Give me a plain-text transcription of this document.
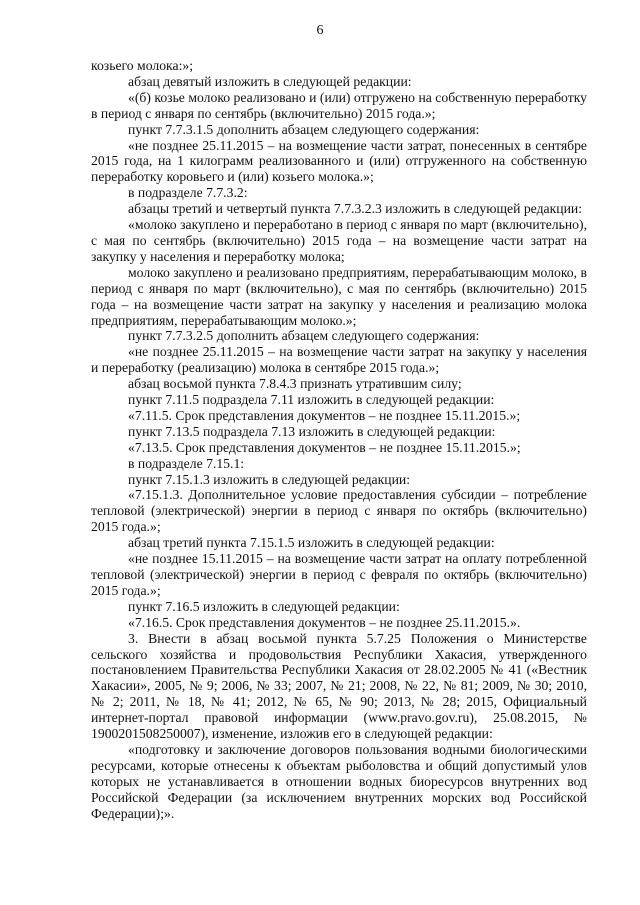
6

козьего молока:»;

абзац девятый изложить в следующей редакции:

«(б) козье молоко реализовано и (или) отгружено на собственную переработку в период с января по сентябрь (включительно) 2015 года.»;

пункт 7.7.3.1.5 дополнить абзацем следующего содержания:

«не позднее 25.11.2015 – на возмещение части затрат, понесенных в сентябре 2015 года, на 1 килограмм реализованного и (или) отгруженного на собственную переработку коровьего и (или) козьего молока.»;

в подразделе 7.7.3.2:

абзацы третий и четвертый пункта 7.7.3.2.3 изложить в следующей редакции:

«молоко закуплено и переработано в период с января по март (включительно), с мая по сентябрь (включительно) 2015 года – на возмещение части затрат на закупку у населения и переработку молока;

молоко закуплено и реализовано предприятиям, перерабатывающим молоко, в период с января по март (включительно), с мая по сентябрь (включительно) 2015 года – на возмещение части затрат на закупку у населения и реализацию молока предприятиям, перерабатывающим молоко.»;

пункт 7.7.3.2.5 дополнить абзацем следующего содержания:

«не позднее 25.11.2015 – на возмещение части затрат на закупку у населения и переработку (реализацию) молока в сентябре 2015 года.»;

абзац восьмой пункта 7.8.4.3 признать утратившим силу;

пункт 7.11.5 подраздела 7.11 изложить в следующей редакции:

«7.11.5. Срок представления документов – не позднее 15.11.2015.»;

пункт 7.13.5 подраздела 7.13 изложить в следующей редакции:

«7.13.5. Срок представления документов – не позднее 15.11.2015.»;

в подразделе 7.15.1:

пункт 7.15.1.3 изложить в следующей редакции:

«7.15.1.3. Дополнительное условие предоставления субсидии – потребление тепловой (электрической) энергии в период с января по октябрь (включительно) 2015 года.»;

абзац третий пункта 7.15.1.5 изложить в следующей редакции:

«не позднее 15.11.2015 – на возмещение части затрат на оплату потребленной тепловой (электрической) энергии в период с февраля по октябрь (включительно) 2015 года.»;

пункт 7.16.5 изложить в следующей редакции:

«7.16.5. Срок представления документов – не позднее 25.11.2015.».

3. Внести в абзац восьмой пункта 5.7.25 Положения о Министерстве сельского хозяйства и продовольствия Республики Хакасия, утвержденного постановлением Правительства Республики Хакасия от 28.02.2005 № 41 («Вестник Хакасии», 2005, № 9; 2006, № 33; 2007, № 21; 2008, № 22, № 81; 2009, № 30; 2010, № 2; 2011, № 18, № 41; 2012, № 65, № 90; 2013, № 28; 2015, Официальный интернет-портал правовой информации (www.pravo.gov.ru), 25.08.2015, № 1900201508250007), изменение, изложив его в следующей редакции:

«подготовку и заключение договоров пользования водными биологическими ресурсами, которые отнесены к объектам рыболовства и общий допустимый улов которых не устанавливается в отношении водных биоресурсов внутренних вод Российской Федерации (за исключением внутренних морских вод Российской Федерации);».
